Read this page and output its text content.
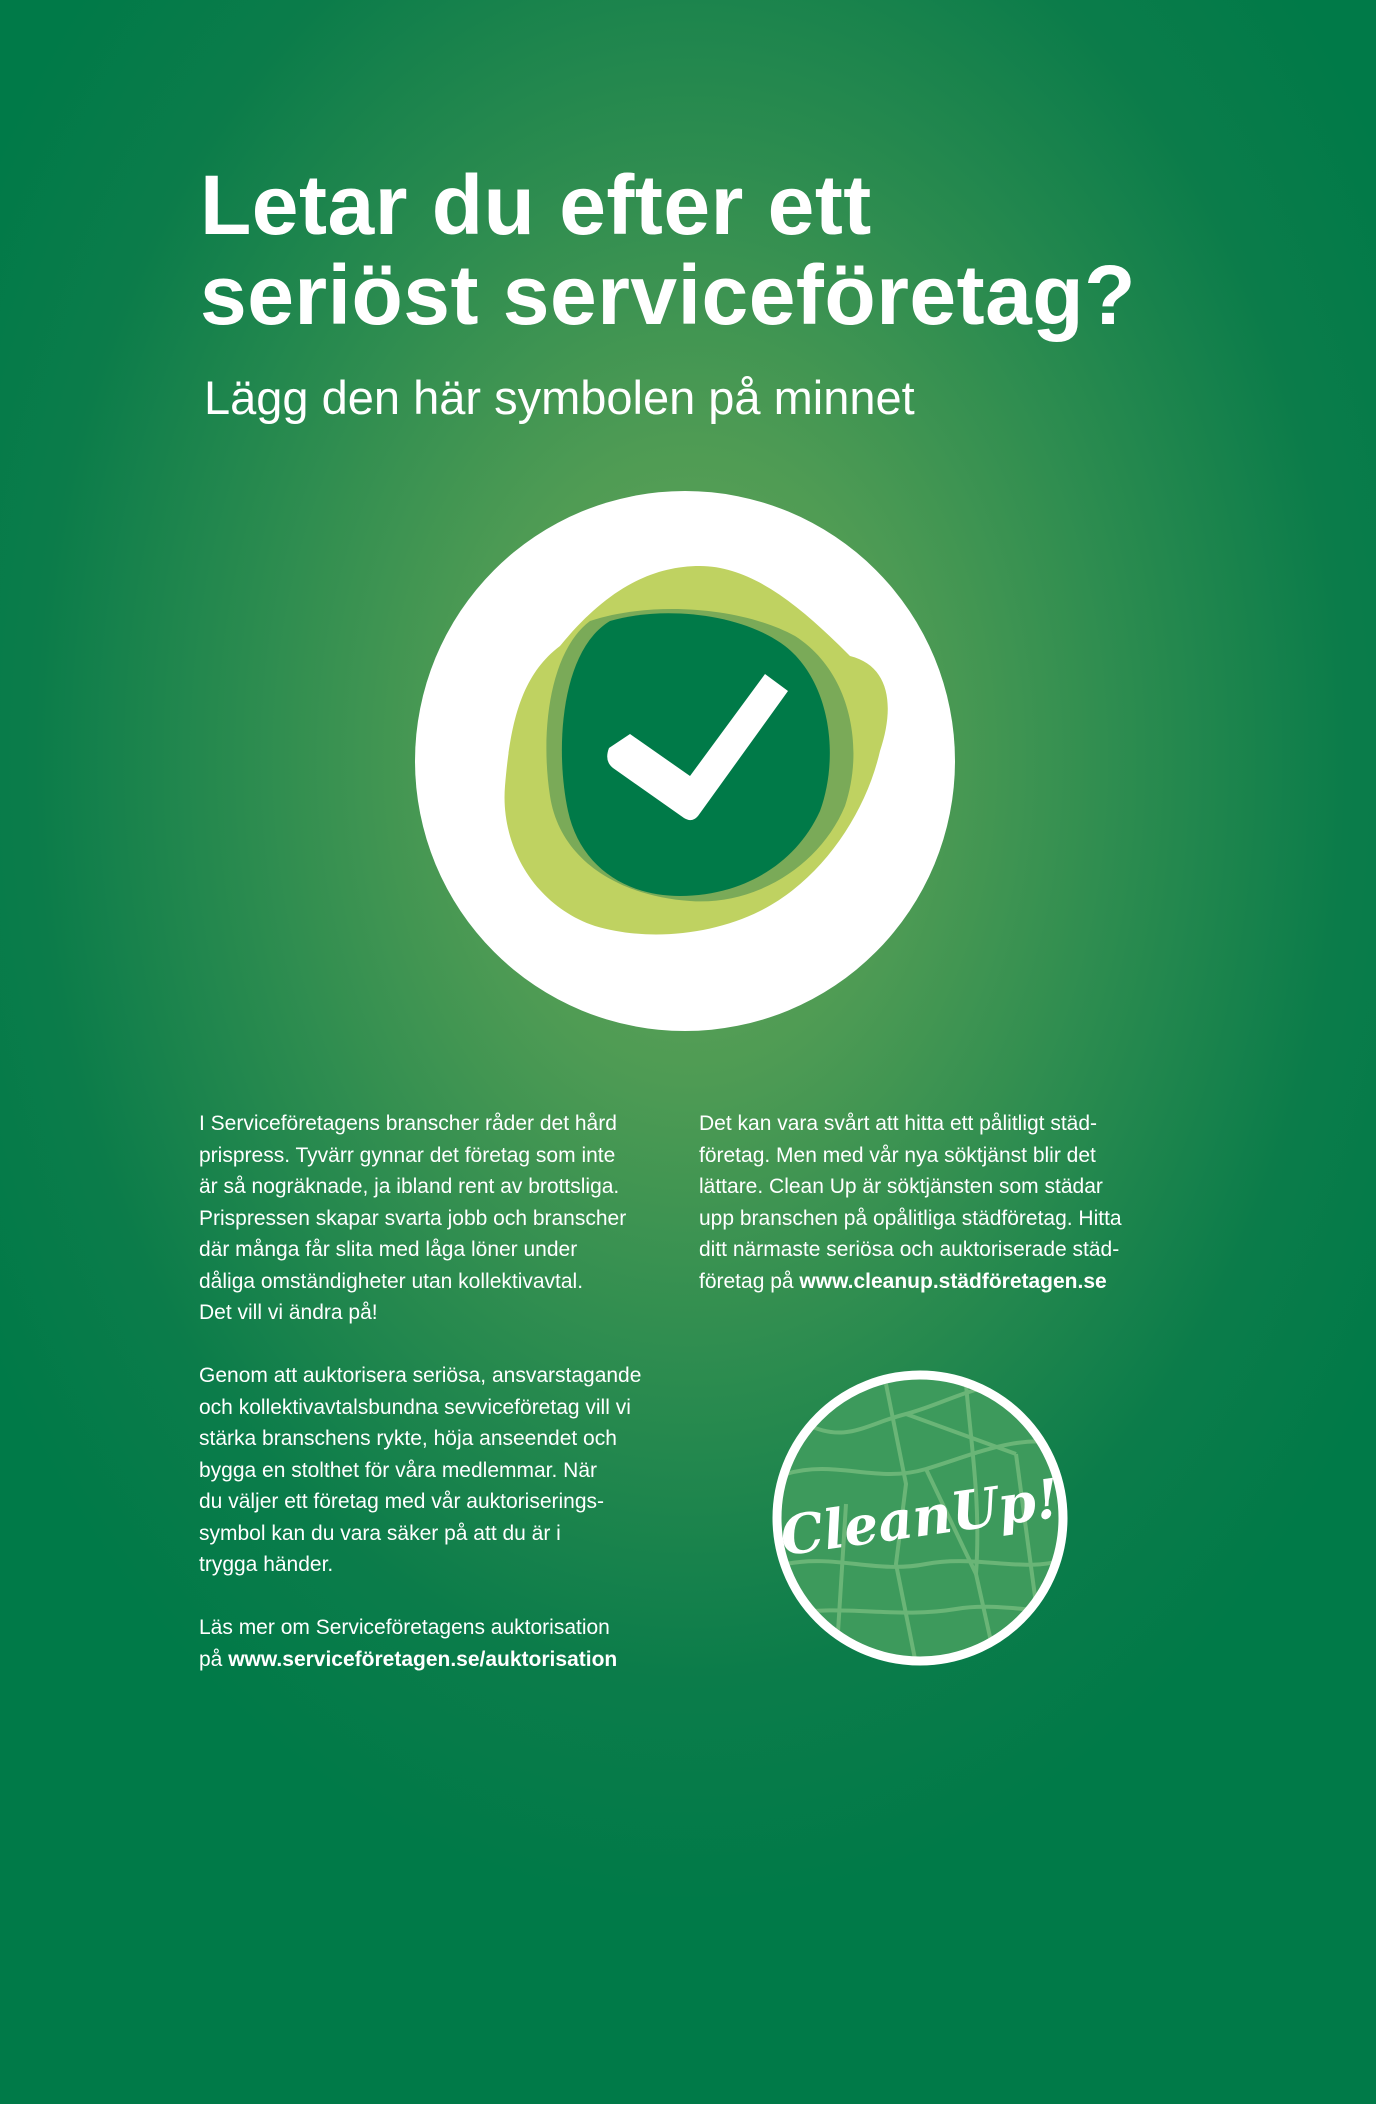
Letar du efter ett
seriöst serviceföretag?
Lägg den här symbolen på minnet

I Serviceföretagens branscher råder det hård
prispress. Tyvärr gynnar det företag som inte
är så nogräknade, ja ibland rent av brottsliga.
Prispressen skapar svarta jobb och branscher
där många får slita med låga löner under
dåliga omständigheter utan kollektivavtal.
Det vill vi ändra på!

Genom att auktorisera seriösa, ansvarstagande
och kollektivavtalsbundna sevviceföretag vill vi
stärka branschens rykte, höja anseendet och
bygga en stolthet för våra medlemmar. När
du väljer ett företag med vår auktoriserings-
symbol kan du vara säker på att du är i
trygga händer.

Läs mer om Serviceföretagens auktorisation
på www.serviceföretagen.se/auktorisation

Det kan vara svårt att hitta ett pålitligt städ-
företag. Men med vår nya söktjänst blir det
lättare. Clean Up är söktjänsten som städar
upp branschen på opålitliga städföretag. Hitta
ditt närmaste seriösa och auktoriserade städ-
företag på www.cleanup.städföretagen.se

CleanUp!
